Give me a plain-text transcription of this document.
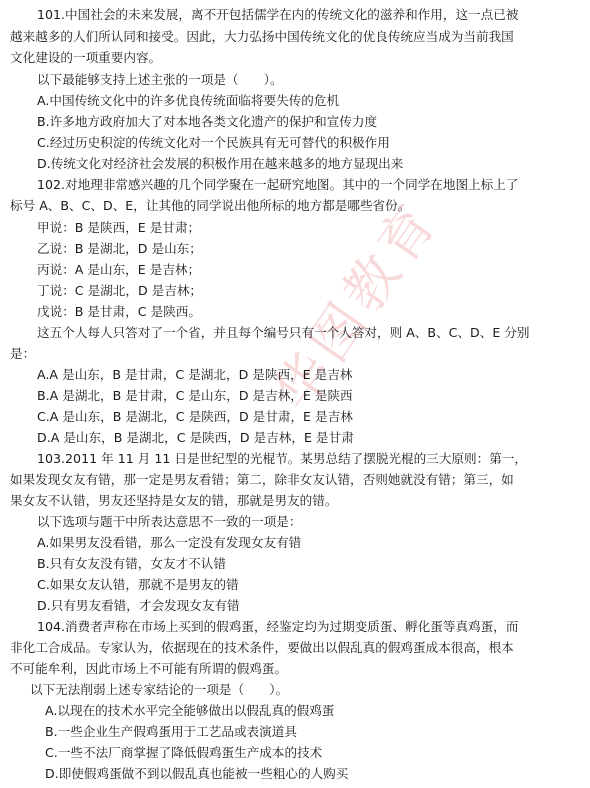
华
图
教
育
101.中国社会的未来发展，离不开包括儒学在内的传统文化的滋养和作用，这一点已被
越来越多的人们所认同和接受。因此，大力弘扬中国传统文化的优良传统应当成为当前我国
文化建设的一项重要内容。
以下最能够支持上述主张的一项是（　　）。
A.中国传统文化中的许多优良传统面临将要失传的危机
B.许多地方政府加大了对本地各类文化遗产的保护和宣传力度
C.经过历史积淀的传统文化对一个民族具有无可替代的积极作用
D.传统文化对经济社会发展的积极作用在越来越多的地方显现出来
102.对地理非常感兴趣的几个同学聚在一起研究地图。其中的一个同学在地图上标上了
标号 A、B、C、D、E，让其他的同学说出他所标的地方都是哪些省份。
甲说：B 是陕西，E 是甘肃；
乙说：B 是湖北，D 是山东；
丙说：A 是山东，E 是吉林；
丁说：C 是湖北，D 是吉林；
戊说：B 是甘肃，C 是陕西。
这五个人每人只答对了一个省，并且每个编号只有一个人答对，则 A、B、C、D、E 分别
是：
A.A 是山东，B 是甘肃，C 是湖北，D 是陕西，E 是吉林
B.A 是湖北，B 是甘肃，C 是山东，D 是吉林，E 是陕西
C.A 是山东，B 是湖北，C 是陕西，D 是甘肃，E 是吉林
D.A 是山东，B 是湖北，C 是陕西，D 是吉林，E 是甘肃
103.2011 年 11 月 11 日是世纪型的光棍节。某男总结了摆脱光棍的三大原则：第一，
如果发现女友有错，那一定是男友看错；第二，除非女友认错，否则她就没有错；第三，如
果女友不认错，男友还坚持是女友的错，那就是男友的错。
以下选项与题干中所表达意思不一致的一项是：
A.如果男友没看错，那么一定没有发现女友有错
B.只有女友没有错，女友才不认错
C.如果女友认错，那就不是男友的错
D.只有男友看错，才会发现女友有错
104.消费者声称在市场上买到的假鸡蛋，经鉴定均为过期变质蛋、孵化蛋等真鸡蛋，而
非化工合成品。专家认为，依据现在的技术条件，要做出以假乱真的假鸡蛋成本很高，根本
不可能牟利，因此市场上不可能有所谓的假鸡蛋。
以下无法削弱上述专家结论的一项是（　　）。
A.以现在的技术水平完全能够做出以假乱真的假鸡蛋
B.一些企业生产假鸡蛋用于工艺品或表演道具
C.一些不法厂商掌握了降低假鸡蛋生产成本的技术
D.即使假鸡蛋做不到以假乱真也能被一些粗心的人购买
